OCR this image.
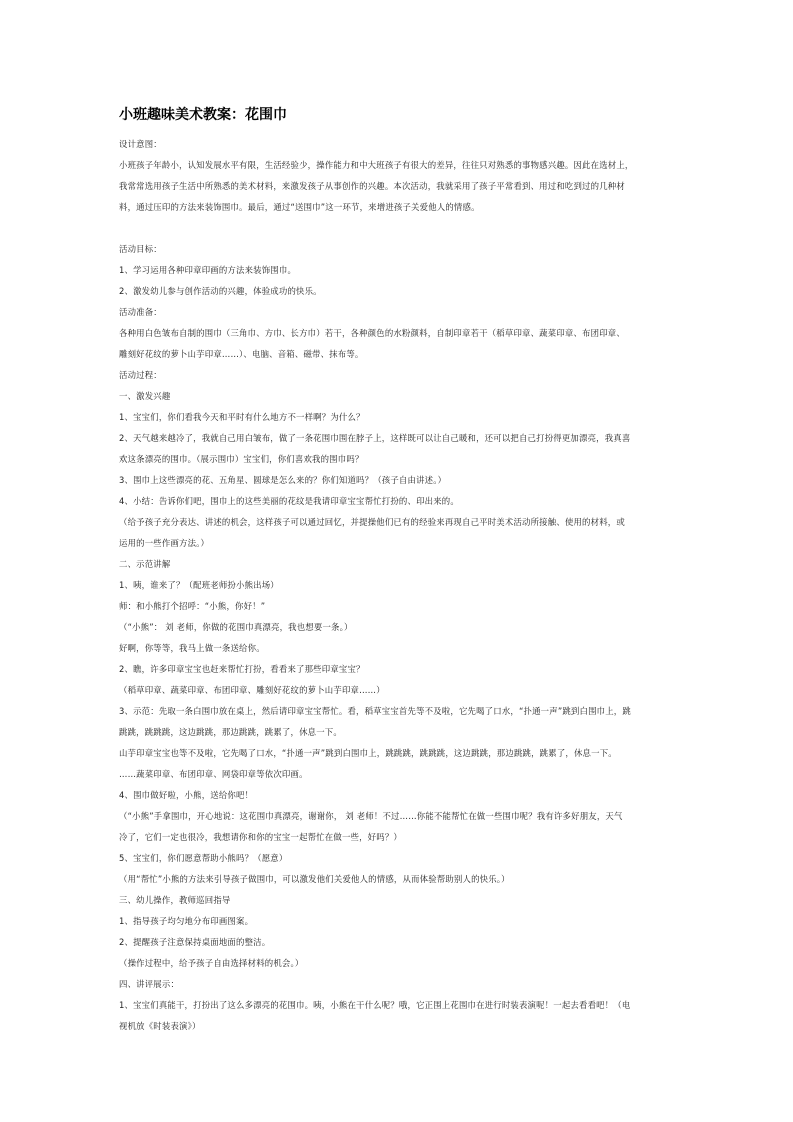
小班趣味美术教案：花围巾
设计意图：
小班孩子年龄小，认知发展水平有限，生活经验少，操作能力和中大班孩子有很大的差异，往往只对熟悉的事物感兴趣。因此在选材上，
我常常选用孩子生活中所熟悉的美术材料，来激发孩子从事创作的兴趣。本次活动，我就采用了孩子平常看到、用过和吃到过的几种材
料，通过压印的方法来装饰围巾。最后，通过“送围巾”这一环节，来增进孩子关爱他人的情感。
活动目标：
1、学习运用各种印章印画的方法来装饰围巾。
2、激发幼儿参与创作活动的兴趣，体验成功的快乐。
活动准备：
各种用白色皱布自制的围巾（三角巾、方巾、长方巾）若干，各种颜色的水粉颜料，自制印章若干（稻草印章、蔬菜印章、布团印章、
雕刻好花纹的萝卜山芋印章……）、电脑、音箱、磁带、抹布等。
活动过程：
一、激发兴趣
1、宝宝们，你们看我今天和平时有什么地方不一样啊？为什么？
2、天气越来越冷了，我就自己用白皱布，做了一条花围巾围在脖子上，这样既可以让自己暖和，还可以把自己打扮得更加漂亮，我真喜
欢这条漂亮的围巾。（展示围巾）宝宝们，你们喜欢我的围巾吗？
3、围巾上这些漂亮的花、五角星、圆球是怎么来的？你们知道吗？（孩子自由讲述。）
4、小结：告诉你们吧，围巾上的这些美丽的花纹是我请印章宝宝帮忙打扮的、印出来的。
（给予孩子充分表达、讲述的机会，这样孩子可以通过回忆，并提操他们已有的经验来再现自己平时美术活动所接触、使用的材料，或
运用的一些作画方法。）
二、示范讲解
1、咦，谁来了？（配班老师扮小熊出场）
师：和小熊打个招呼：“小熊，你好！”
（“小熊”： 刘 老师，你做的花围巾真漂亮，我也想要一条。）
好啊，你等等，我马上做一条送给你。
2、瞧，许多印章宝宝也赶来帮忙打扮，看看来了那些印章宝宝？
（稻草印章、蔬菜印章、布团印章、雕刻好花纹的萝卜山芋印章……）
3、示范：先取一条白围巾放在桌上，然后请印章宝宝帮忙。看，稻草宝宝首先等不及啦，它先喝了口水，“扑通一声”跳到白围巾上，跳
跳跳，跳跳跳，这边跳跳，那边跳跳，跳累了，休息一下。
山芋印章宝宝也等不及啦，它先喝了口水，“扑通一声”跳到白围巾上，跳跳跳，跳跳跳，这边跳跳，那边跳跳，跳累了，休息一下。
……蔬菜印章、布团印章、网袋印章等依次印画。
4、围巾做好啦，小熊，送给你吧！
（“小熊”手拿围巾，开心地说：这花围巾真漂亮，谢谢你， 刘 老师！不过……你能不能帮忙在做一些围巾呢？我有许多好朋友，天气
冷了，它们一定也很冷，我想请你和你的宝宝一起帮忙在做一些，好吗？）
5、宝宝们，你们愿意帮助小熊吗？（愿意）
（用“帮忙”小熊的方法来引导孩子做围巾，可以激发他们关爱他人的情感，从而体验帮助别人的快乐。）
三、幼儿操作，教师巡回指导
1、指导孩子均匀地分布印画图案。
2、提醒孩子注意保持桌面地面的整洁。
（操作过程中，给予孩子自由选择材料的机会。）
四、讲评展示：
1、宝宝们真能干，打扮出了这么多漂亮的花围巾。咦，小熊在干什么呢？哦，它正围上花围巾在进行时装表演呢！一起去看看吧！（电
视机放《时装表演》）
